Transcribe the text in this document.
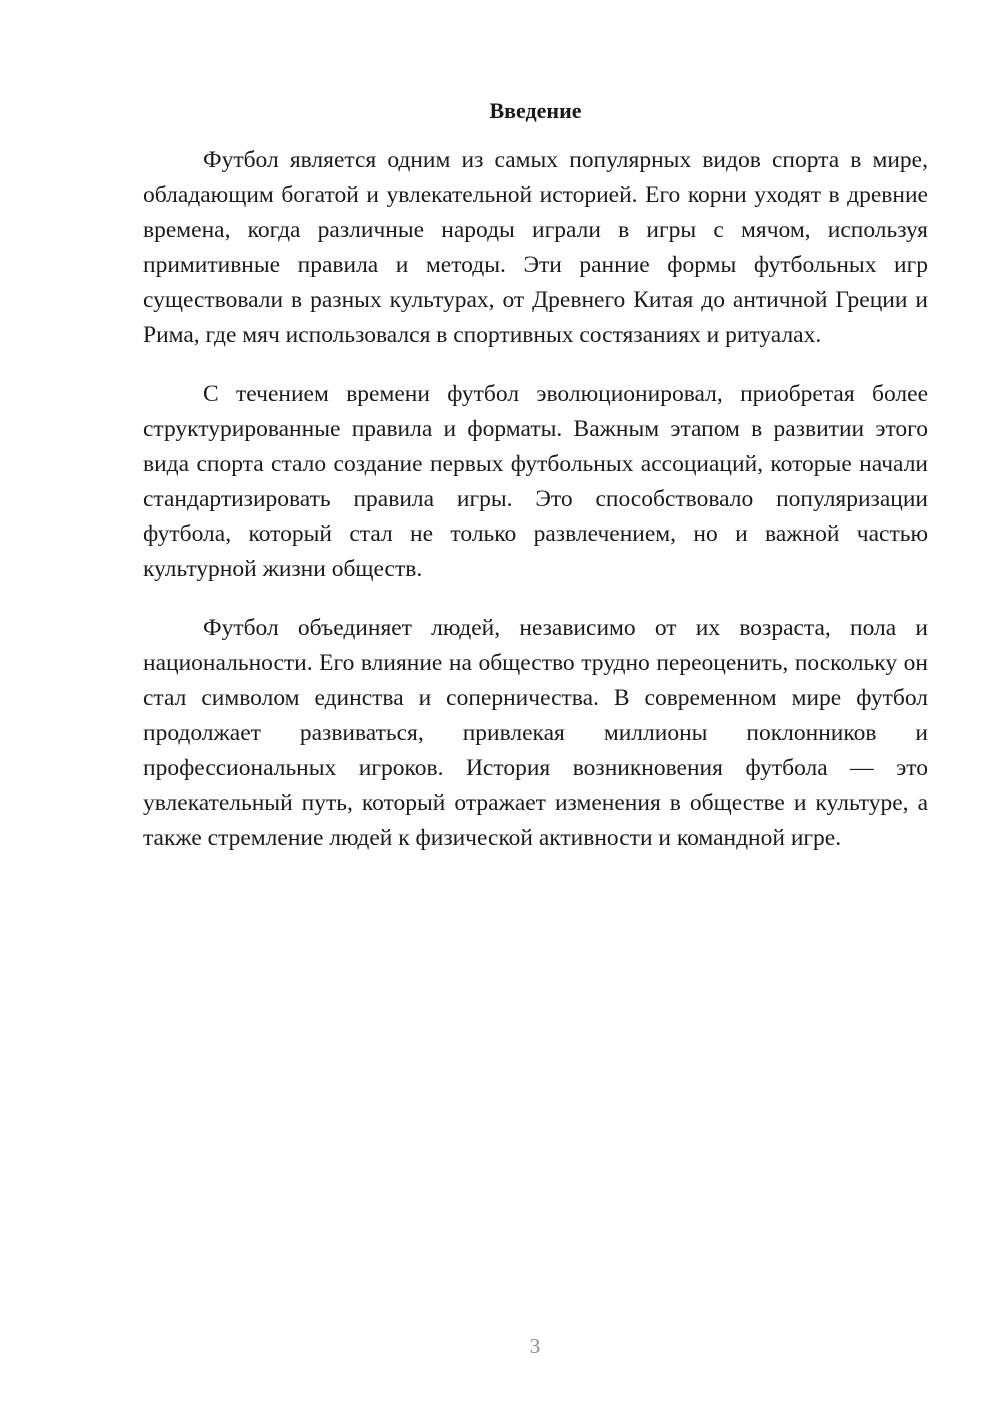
Введение

Футбол является одним из самых популярных видов спорта в мире, обладающим богатой и увлекательной историей. Его корни уходят в древние времена, когда различные народы играли в игры с мячом, используя примитивные правила и методы. Эти ранние формы футбольных игр существовали в разных культурах, от Древнего Китая до античной Греции и Рима, где мяч использовался в спортивных состязаниях и ритуалах.

С течением времени футбол эволюционировал, приобретая более структурированные правила и форматы. Важным этапом в развитии этого вида спорта стало создание первых футбольных ассоциаций, которые начали стандартизировать правила игры. Это способствовало популяризации футбола, который стал не только развлечением, но и важной частью культурной жизни обществ.

Футбол объединяет людей, независимо от их возраста, пола и национальности. Его влияние на общество трудно переоценить, поскольку он стал символом единства и соперничества. В современном мире футбол продолжает развиваться, привлекая миллионы поклонников и профессиональных игроков. История возникновения футбола — это увлекательный путь, который отражает изменения в обществе и культуре, а также стремление людей к физической активности и командной игре.

3
